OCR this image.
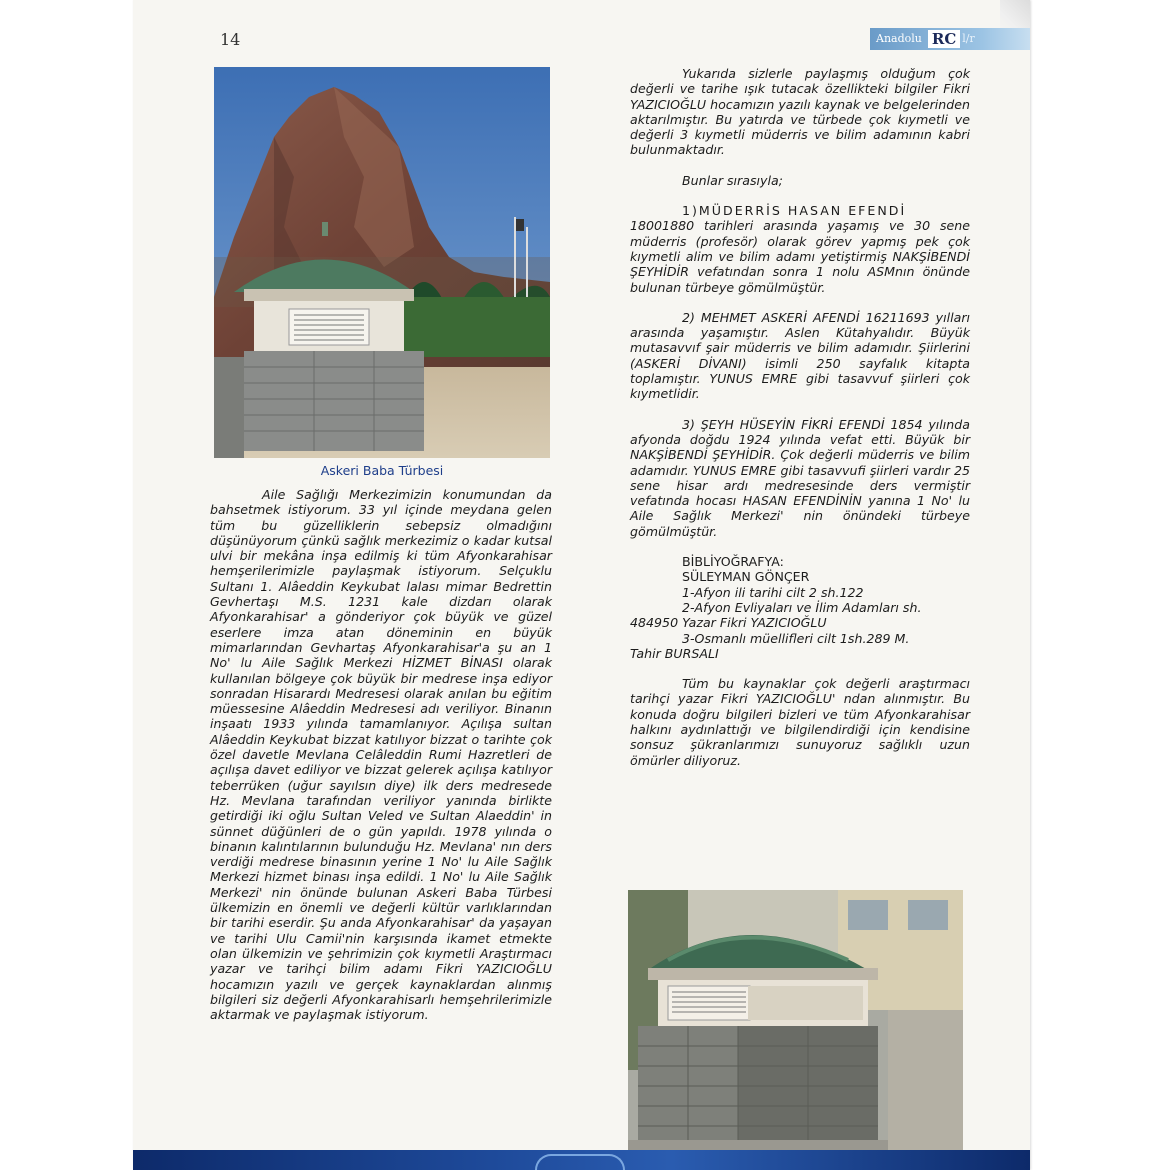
14	Anadolu RC l/r
Askeri Baba Türbesi

Aile Sağlığı Merkezimizin konumundan da bahsetmek istiyorum. 33 yıl içinde meydana gelen tüm bu güzelliklerin sebepsiz olmadığını düşünüyorum çünkü sağlık merkezimiz o kadar kutsal ulvi bir mekâna inşa edilmiş ki tüm Afyonkarahisar hemşerilerimizle paylaşmak istiyorum. Selçuklu Sultanı 1. Alâeddin Keykubat lalası mimar Bedrettin Gevhertaşı M.S. 1231 kale dizdarı olarak Afyonkarahisar' a gönderiyor çok büyük ve güzel eserlere imza atan döneminin en büyük mimarlarından Gevhartaş Afyonkarahisar'a şu an 1 No' lu Aile Sağlık Merkezi HİZMET BİNASI olarak kullanılan bölgeye çok büyük bir medrese inşa ediyor sonradan Hisarardı Medresesi olarak anılan bu eğitim müessesine Alâeddin Medresesi adı veriliyor. Binanın inşaatı 1933 yılında tamamlanıyor. Açılışa sultan Alâeddin Keykubat bizzat katılıyor bizzat o tarihte çok özel davetle Mevlana Celâleddin Rumi Hazretleri de açılışa davet ediliyor ve bizzat gelerek açılışa katılıyor teberrüken (uğur sayılsın diye) ilk ders medresede Hz. Mevlana tarafından veriliyor yanında birlikte getirdiği iki oğlu Sultan Veled ve Sultan Alaeddin' in sünnet düğünleri de o gün yapıldı. 1978 yılında o binanın kalıntılarının bulunduğu Hz. Mevlana' nın ders verdiği medrese binasının yerine 1 No' lu Aile Sağlık Merkezi hizmet binası inşa edildi. 1 No' lu Aile Sağlık Merkezi' nin önünde bulunan Askeri Baba Türbesi ülkemizin en önemli ve değerli kültür varlıklarından bir tarihi eserdir. Şu anda Afyonkarahisar' da yaşayan ve tarihi Ulu Camii'nin karşısında ikamet etmekte olan ülkemizin ve şehrimizin çok kıymetli Araştırmacı yazar ve tarihçi bilim adamı Fikri YAZICIOĞLU hocamızın yazılı ve gerçek kaynaklardan alınmış bilgileri siz değerli Afyonkarahisarlı hemşehrilerimizle aktarmak ve paylaşmak istiyorum.

Yukarıda sizlerle paylaşmış olduğum çok değerli ve tarihe ışık tutacak özellikteki bilgiler Fikri YAZICIOĞLU hocamızın yazılı kaynak ve belgelerinden aktarılmıştır. Bu yatırda ve türbede çok kıymetli ve değerli 3 kıymetli müderris ve bilim adamının kabri bulunmaktadır.

Bunlar sırasıyla;

1)MÜDERRİS HASAN EFENDİ

18001880 tarihleri arasında yaşamış ve 30 sene müderris (profesör) olarak görev yapmış pek çok kıymetli alim ve bilim adamı yetiştirmiş NAKŞİBENDİ ŞEYHİDİR vefatından sonra 1 nolu ASMnın önünde bulunan türbeye gömülmüştür.

2) MEHMET ASKERİ AFENDİ 16211693 yılları arasında yaşamıştır. Aslen Kütahyalıdır. Büyük mutasavvıf şair müderris ve bilim adamıdır. Şiirlerini (ASKERİ DİVANI) isimli 250 sayfalık kitapta toplamıştır. YUNUS EMRE gibi tasavvuf şiirleri çok kıymetlidir.

3) ŞEYH HÜSEYİN FİKRİ EFENDİ 1854 yılında afyonda doğdu 1924 yılında vefat etti. Büyük bir NAKŞİBENDİ ŞEYHİDİR. Çok değerli müderris ve bilim adamıdır. YUNUS EMRE gibi tasavvufi şiirleri vardır 25 sene hisar ardı medresesinde ders vermiştir vefatında hocası HASAN EFENDİNİN yanına 1 No' lu Aile Sağlık Merkezi' nin önündeki türbeye gömülmüştür.

BİBLİYOĞRAFYA:

SÜLEYMAN GÖNÇER

1-Afyon ili tarihi cilt 2 sh.122

2-Afyon Evliyaları ve İlim Adamları sh.

484950 Yazar Fikri YAZICIOĞLU

3-Osmanlı müellifleri cilt 1sh.289 M.

Tahir BURSALI

Tüm bu kaynaklar çok değerli araştırmacı tarihçi yazar Fikri YAZICIOĞLU' ndan alınmıştır. Bu konuda doğru bilgileri bizleri ve tüm Afyonkarahisar halkını aydınlattığı ve bilgilendirdiği için kendisine sonsuz şükranlarımızı sunuyoruz sağlıklı uzun ömürler diliyoruz.
